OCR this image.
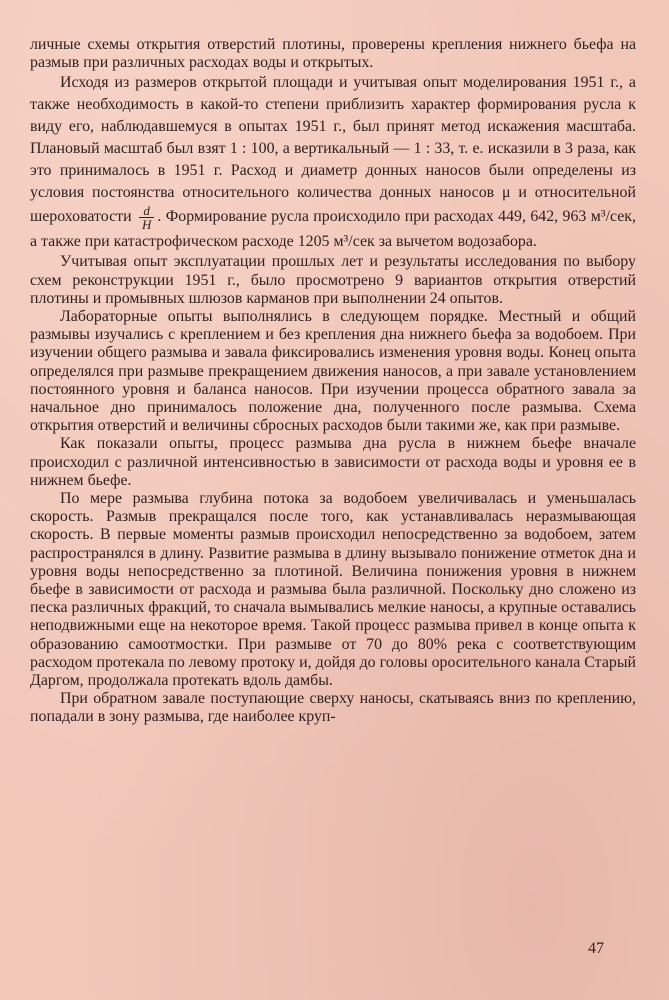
личные схемы открытия отверстий плотины, проверены крепления нижнего бьефа на размыв при различных расходах воды и открытых.

Исходя из размеров открытой площади и учитывая опыт моделирования 1951 г., а также необходимость в какой-то степени приблизить характер формирования русла к виду его, наблюдавшемуся в опытах 1951 г., был принят метод искажения масштаба. Плановый масштаб был взят 1 : 100, а вертикальный — 1 : 33, т. е. исказили в 3 раза, как это принималось в 1951 г. Расход и диаметр донных наносов были определены из условия постоянства относительного количества донных наносов μ и относительной шероховатости $\frac{d}{H}$ . Формирование русла происходило при расходах 449, 642, 963 м³/сек, а также при катастрофическом расходе 1205 м³/сек за вычетом водозабора.

Учитывая опыт эксплуатации прошлых лет и результаты исследования по выбору схем реконструкции 1951 г., было просмотрено 9 вариантов открытия отверстий плотины и промывных шлюзов карманов при выполнении 24 опытов.

Лабораторные опыты выполнялись в следующем порядке. Местный и общий размывы изучались с креплением и без крепления дна нижнего бьефа за водобоем. При изучении общего размыва и завала фиксировались изменения уровня воды. Конец опыта определялся при размыве прекращением движения наносов, а при завале установлением постоянного уровня и баланса наносов. При изучении процесса обратного завала за начальное дно принималось положение дна, полученного после размыва. Схема открытия отверстий и величины сбросных расходов были такими же, как при размыве.

Как показали опыты, процесс размыва дна русла в нижнем бьефе вначале происходил с различной интенсивностью в зависимости от расхода воды и уровня ее в нижнем бьефе.

По мере размыва глубина потока за водобоем увеличивалась и уменьшалась скорость. Размыв прекращался после того, как устанавливалась неразмывающая скорость. В первые моменты размыв происходил непосредственно за водобоем, затем распространялся в длину. Развитие размыва в длину вызывало понижение отметок дна и уровня воды непосредственно за плотиной. Величина понижения уровня в нижнем бьефе в зависимости от расхода и размыва была различной. Поскольку дно сложено из песка различных фракций, то сначала вымывались мелкие наносы, а крупные оставались неподвижными еще на некоторое время. Такой процесс размыва привел в конце опыта к образованию самоотмостки. При размыве от 70 до 80% река с соответствующим расходом протекала по левому протоку и, дойдя до головы оросительного канала Старый Даргом, продолжала протекать вдоль дамбы.

При обратном завале поступающие сверху наносы, скатываясь вниз по креплению, попадали в зону размыва, где наиболее круп-

47
